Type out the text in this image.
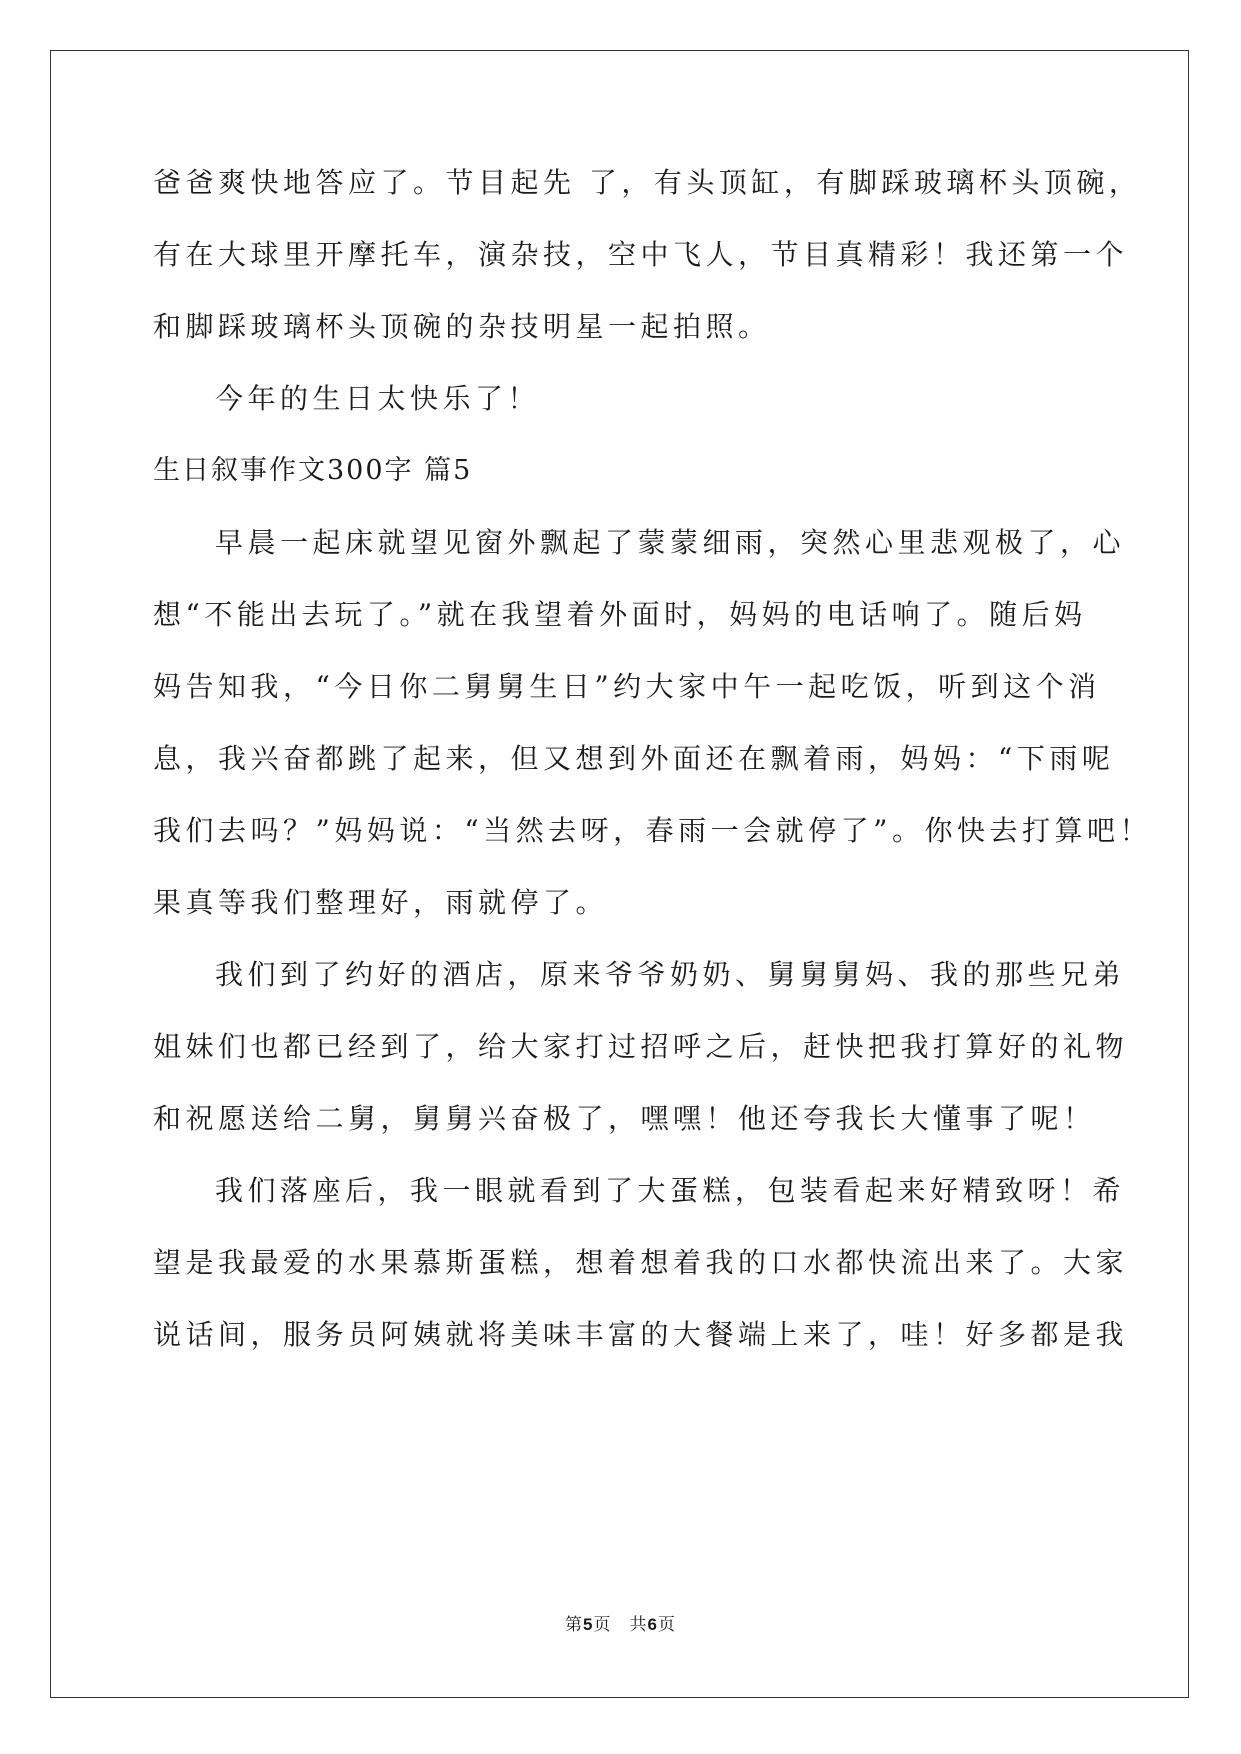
爸爸爽快地答应了。节目起先 了，有头顶缸，有脚踩玻璃杯头顶碗，
有在大球里开摩托车，演杂技，空中飞人，节目真精彩！我还第一个
和脚踩玻璃杯头顶碗的杂技明星一起拍照。
今年的生日太快乐了！
生日叙事作文300字 篇5
早晨一起床就望见窗外飘起了蒙蒙细雨，突然心里悲观极了，心
想“不能出去玩了。”就在我望着外面时，妈妈的电话响了。随后妈
妈告知我，“今日你二舅舅生日”约大家中午一起吃饭，听到这个消
息，我兴奋都跳了起来，但又想到外面还在飘着雨，妈妈：“下雨呢
我们去吗？”妈妈说：“当然去呀，春雨一会就停了”。你快去打算吧！
果真等我们整理好，雨就停了。
我们到了约好的酒店，原来爷爷奶奶、舅舅舅妈、我的那些兄弟
姐妹们也都已经到了，给大家打过招呼之后，赶快把我打算好的礼物
和祝愿送给二舅，舅舅兴奋极了，嘿嘿！他还夸我长大懂事了呢！
我们落座后，我一眼就看到了大蛋糕，包装看起来好精致呀！希
望是我最爱的水果慕斯蛋糕，想着想着我的口水都快流出来了。大家
说话间，服务员阿姨就将美味丰富的大餐端上来了，哇！好多都是我
第5页　共6页
